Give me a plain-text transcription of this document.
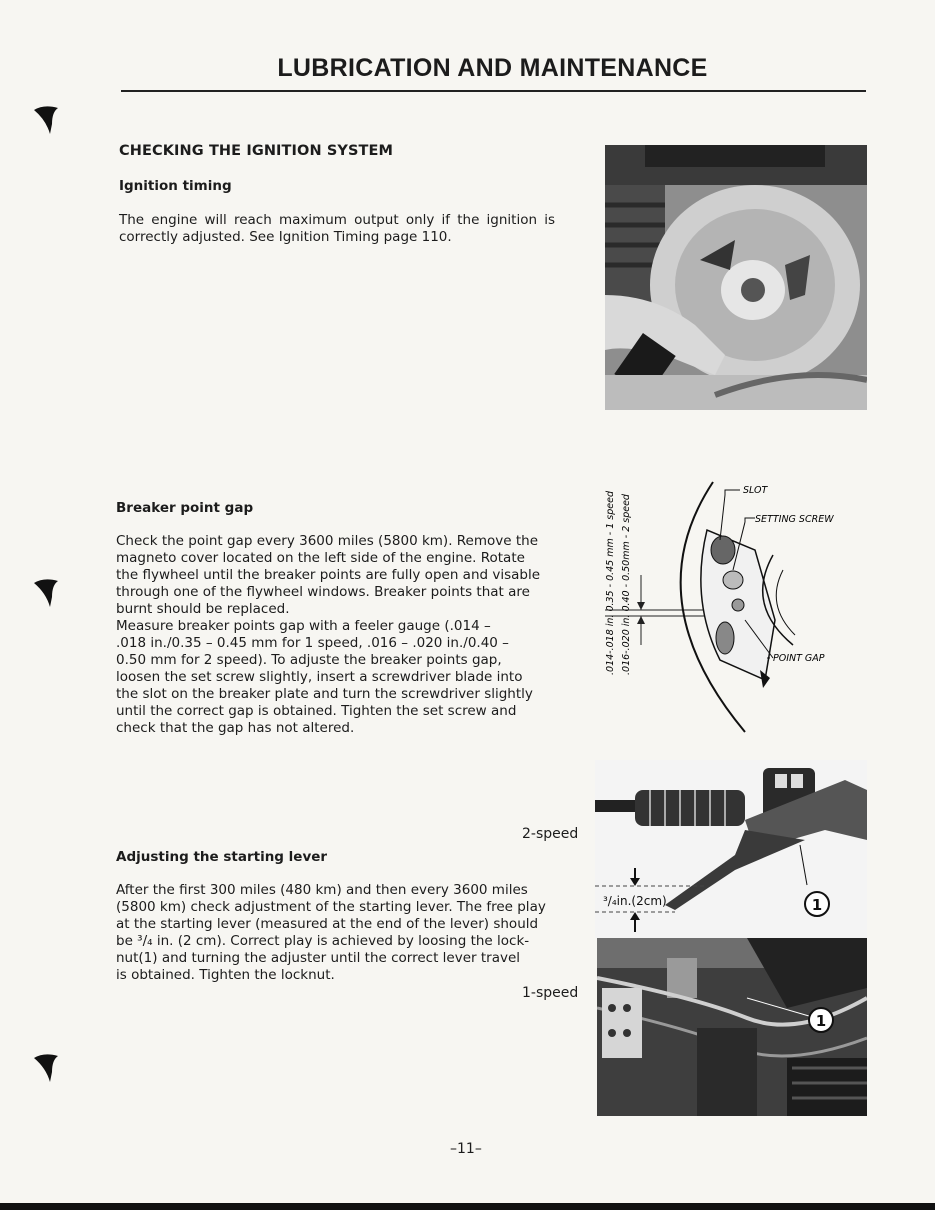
LUBRICATION AND MAINTENANCE
CHECKING THE IGNITION SYSTEM
Ignition timing

The engine will reach maximum output only if the ignition is correctly adjusted. See Ignition Timing page 110.

Breaker point gap

Check the point gap every 3600 miles (5800 km). Remove the

magneto cover located on the left side of the engine. Rotate

the flywheel until the breaker points are fully open and visable

through one of the flywheel windows. Breaker points that are

burnt should be replaced.

Measure breaker points gap with a feeler gauge (.014 –

.018 in./0.35 – 0.45 mm for 1 speed, .016 – .020 in./0.40 –

0.50 mm for 2 speed). To adjuste the breaker points gap,

loosen the set screw slightly, insert a screwdriver blade into

the slot on the breaker plate and turn the screwdriver slightly

until the correct gap is obtained. Tighten the set screw and

check that the gap has not altered.

.014-.018 in. 0.35 - 0.45 mm - 1 speed .016-.020 in. 0.40 - 0.50mm - 2 speed
SLOT
SETTING SCREW
POINT GAP
2-speed
Adjusting the starting lever

After the first 300 miles (480 km) and then every 3600 miles

(5800 km) check adjustment of the starting lever. The free play

at the starting lever (measured at the end of the lever) should

be ³/₄ in. (2 cm). Correct play is achieved by loosing the lock-

nut(1) and turning the adjuster until the correct lever travel

is obtained. Tighten the locknut.

1-speed
³/₄in.(2cm)	1
1
–11–
